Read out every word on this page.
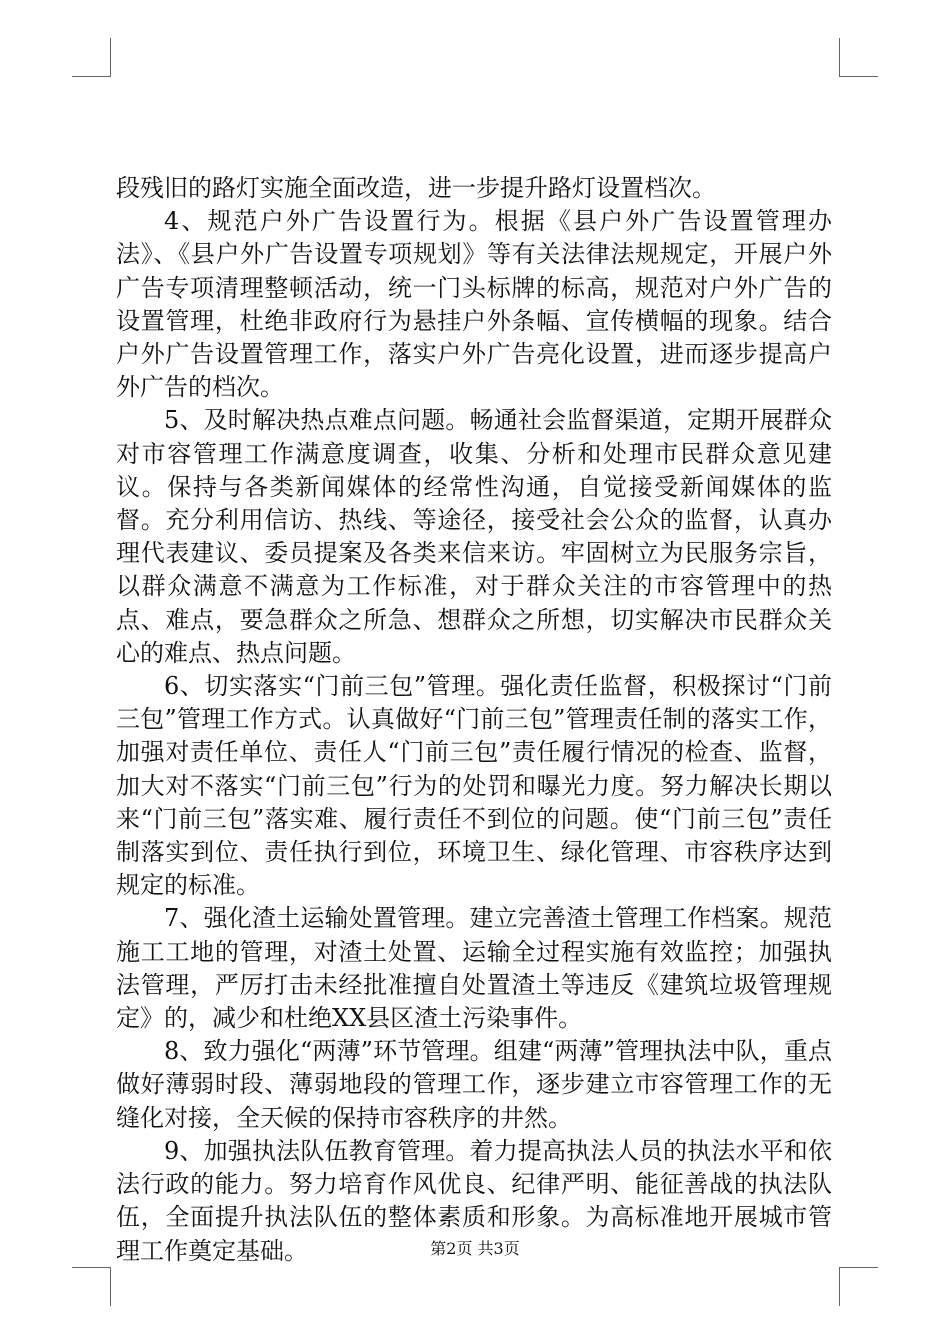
段残旧的路灯实施全面改造，进一步提升路灯设置档次。

4、规范户外广告设置行为。根据《县户外广告设置管理办法》、《县户外广告设置专项规划》等有关法律法规规定，开展户外广告专项清理整顿活动，统一门头标牌的标高，规范对户外广告的设置管理，杜绝非政府行为悬挂户外条幅、宣传横幅的现象。结合户外广告设置管理工作，落实户外广告亮化设置，进而逐步提高户外广告的档次。

5、及时解决热点难点问题。畅通社会监督渠道，定期开展群众对市容管理工作满意度调查，收集、分析和处理市民群众意见建议。保持与各类新闻媒体的经常性沟通，自觉接受新闻媒体的监督。充分利用信访、热线、等途径，接受社会公众的监督，认真办理代表建议、委员提案及各类来信来访。牢固树立为民服务宗旨，以群众满意不满意为工作标准，对于群众关注的市容管理中的热点、难点，要急群众之所急、想群众之所想，切实解决市民群众关心的难点、热点问题。

6、切实落实“门前三包”管理。强化责任监督，积极探讨“门前三包”管理工作方式。认真做好“门前三包”管理责任制的落实工作，加强对责任单位、责任人“门前三包”责任履行情况的检查、监督，加大对不落实“门前三包”行为的处罚和曝光力度。努力解决长期以来“门前三包”落实难、履行责任不到位的问题。使“门前三包”责任制落实到位、责任执行到位，环境卫生、绿化管理、市容秩序达到规定的标准。

7、强化渣土运输处置管理。建立完善渣土管理工作档案。规范施工工地的管理，对渣土处置、运输全过程实施有效监控；加强执法管理，严厉打击未经批准擅自处置渣土等违反《建筑垃圾管理规定》的，减少和杜绝XX县区渣土污染事件。

8、致力强化“两薄”环节管理。组建“两薄”管理执法中队，重点做好薄弱时段、薄弱地段的管理工作，逐步建立市容管理工作的无缝化对接，全天候的保持市容秩序的井然。

9、加强执法队伍教育管理。着力提高执法人员的执法水平和依法行政的能力。努力培育作风优良、纪律严明、能征善战的执法队伍，全面提升执法队伍的整体素质和形象。为高标准地开展城市管理工作奠定基础。	第2页 共3页
